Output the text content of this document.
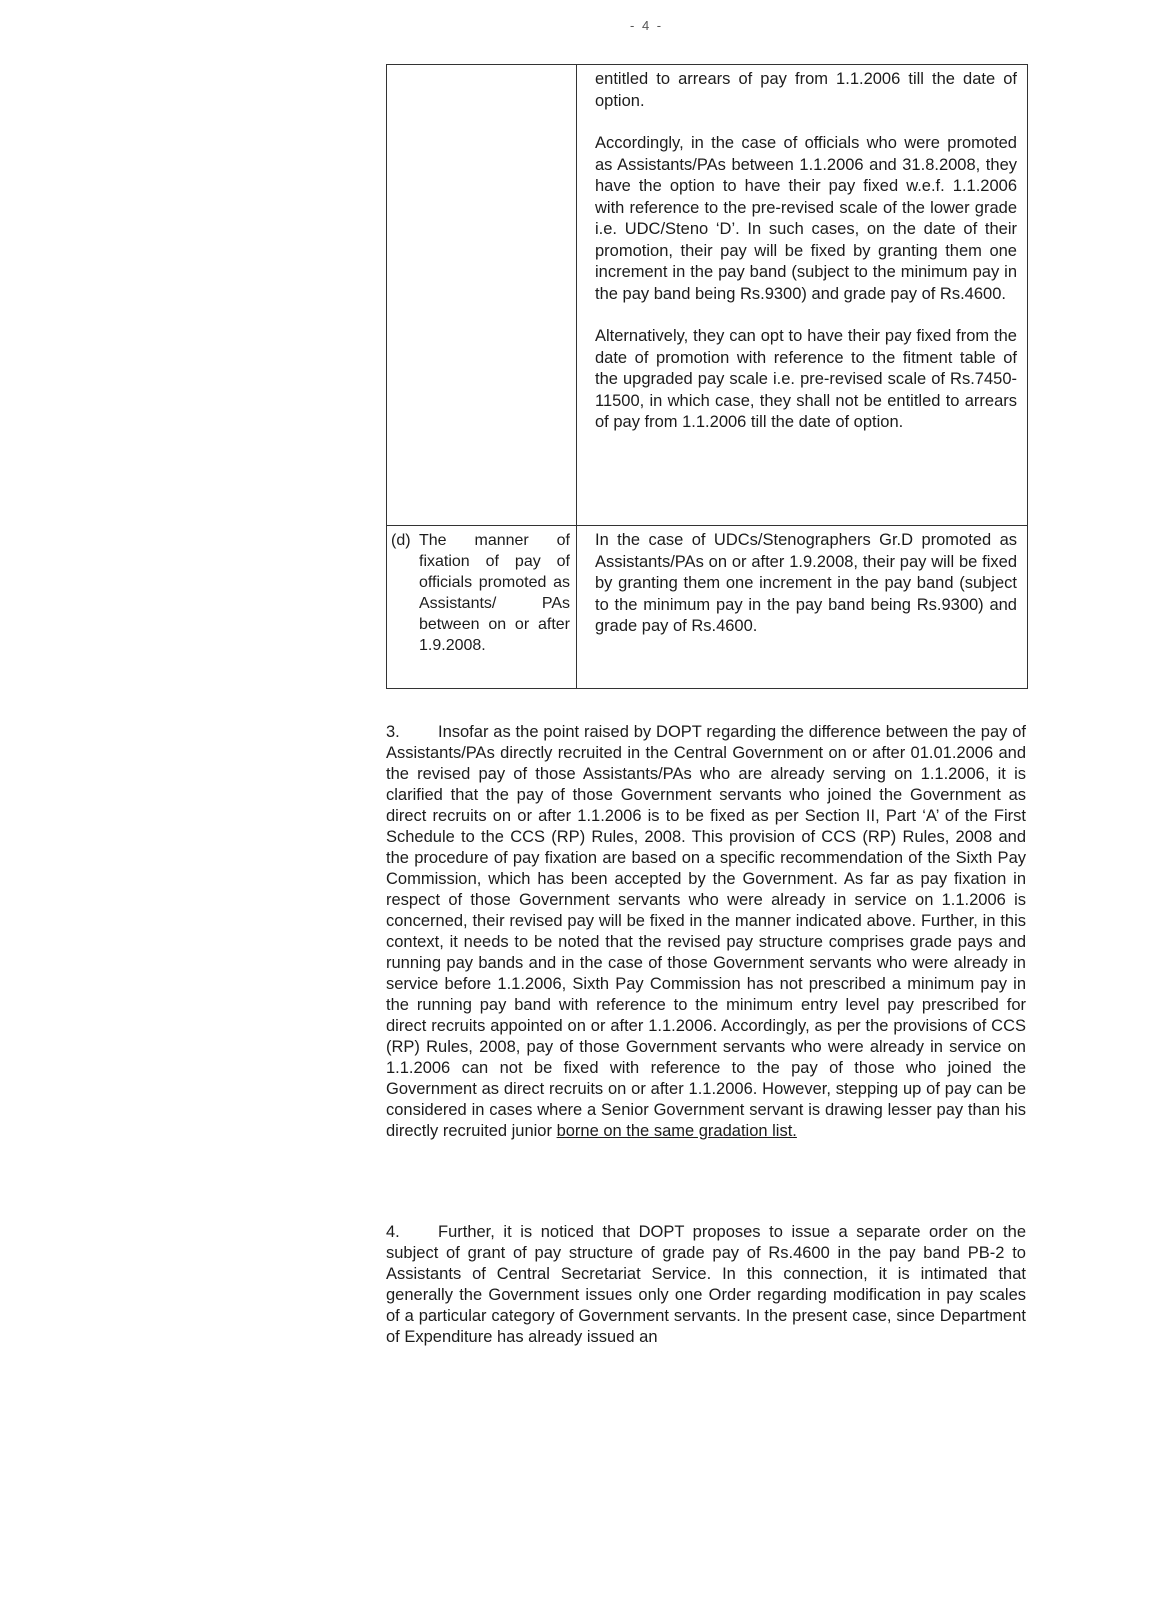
- 4 -

entitled to arrears of pay from 1.1.2006 till the date of option.

Accordingly, in the case of officials who were promoted as Assistants/PAs between 1.1.2006 and 31.8.2008, they have the option to have their pay fixed w.e.f. 1.1.2006 with reference to the pre-revised scale of the lower grade i.e. UDC/Steno ‘D’. In such cases, on the date of their promotion, their pay will be fixed by granting them one increment in the pay band (subject to the minimum pay in the pay band being Rs.9300) and grade pay of Rs.4600.

Alternatively, they can opt to have their pay fixed from the date of promotion with reference to the fitment table of the upgraded pay scale i.e. pre-revised scale of Rs.7450-11500, in which case, they shall not be entitled to arrears of pay from 1.1.2006 till the date of option.

(d) The manner of fixation of pay of officials promoted as Assistants/ PAs between on or after 1.9.2008.

In the case of UDCs/Stenographers Gr.D promoted as Assistants/PAs on or after 1.9.2008, their pay will be fixed by granting them one increment in the pay band (subject to the minimum pay in the pay band being Rs.9300) and grade pay of Rs.4600.

3. Insofar as the point raised by DOPT regarding the difference between the pay of Assistants/PAs directly recruited in the Central Government on or after 01.01.2006 and the revised pay of those Assistants/PAs who are already serving on 1.1.2006, it is clarified that the pay of those Government servants who joined the Government as direct recruits on or after 1.1.2006 is to be fixed as per Section II, Part ‘A’ of the First Schedule to the CCS (RP) Rules, 2008. This provision of CCS (RP) Rules, 2008 and the procedure of pay fixation are based on a specific recommendation of the Sixth Pay Commission, which has been accepted by the Government. As far as pay fixation in respect of those Government servants who were already in service on 1.1.2006 is concerned, their revised pay will be fixed in the manner indicated above. Further, in this context, it needs to be noted that the revised pay structure comprises grade pays and running pay bands and in the case of those Government servants who were already in service before 1.1.2006, Sixth Pay Commission has not prescribed a minimum pay in the running pay band with reference to the minimum entry level pay prescribed for direct recruits appointed on or after 1.1.2006. Accordingly, as per the provisions of CCS (RP) Rules, 2008, pay of those Government servants who were already in service on 1.1.2006 can not be fixed with reference to the pay of those who joined the Government as direct recruits on or after 1.1.2006. However, stepping up of pay can be considered in cases where a Senior Government servant is drawing lesser pay than his directly recruited junior borne on the same gradation list.
4. Further, it is noticed that DOPT proposes to issue a separate order on the subject of grant of pay structure of grade pay of Rs.4600 in the pay band PB-2 to Assistants of Central Secretariat Service. In this connection, it is intimated that generally the Government issues only one Order regarding modification in pay scales of a particular category of Government servants. In the present case, since Department of Expenditure has already issued an
